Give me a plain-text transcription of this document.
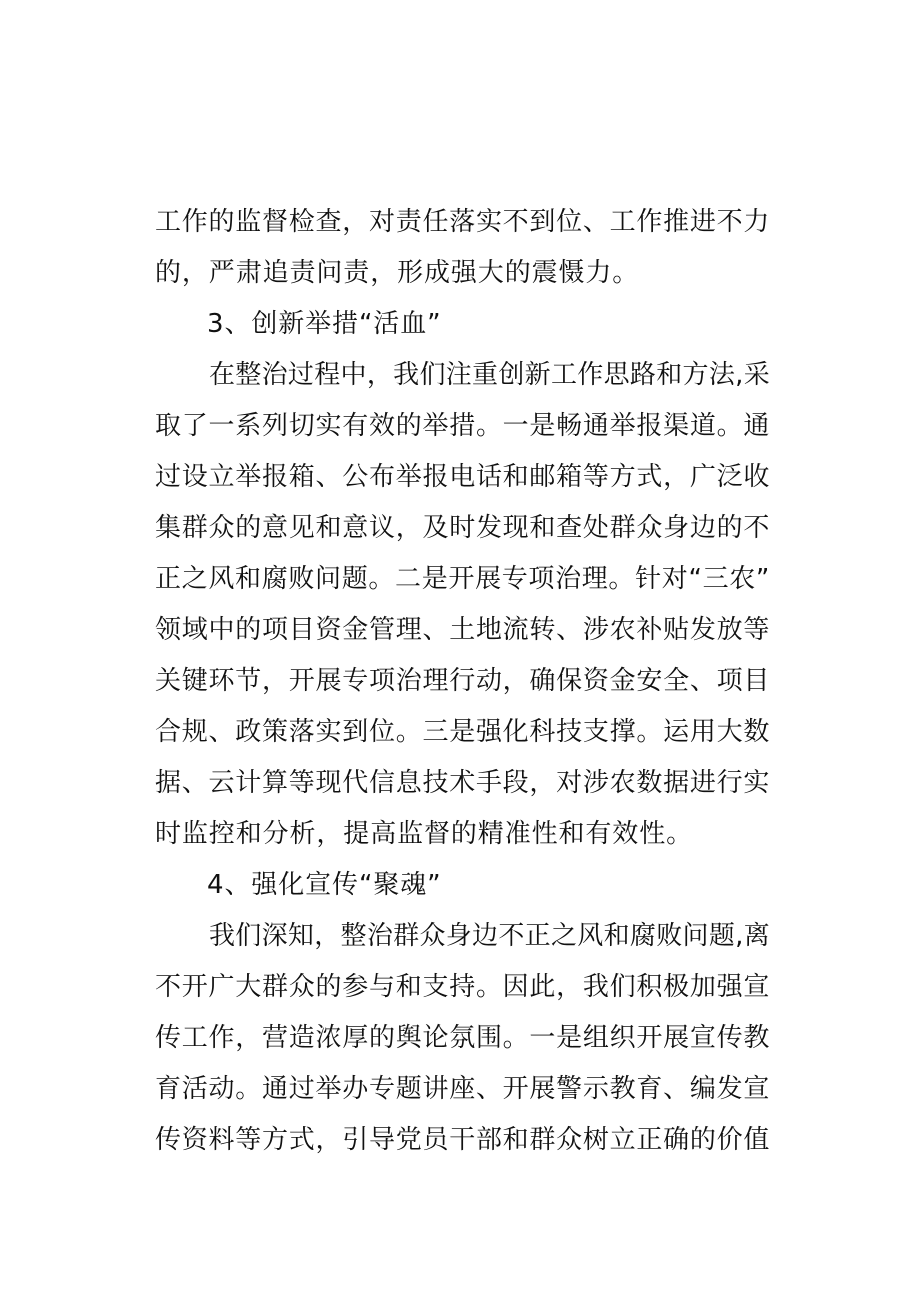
工作的监督检查，对责任落实不到位、工作推进不力
的，严肃追责问责，形成强大的震慑力。
3、创新举措“活血”
在整治过程中，我们注重创新工作思路和方法,采
取了一系列切实有效的举措。一是畅通举报渠道。通
过设立举报箱、公布举报电话和邮箱等方式，广泛收
集群众的意见和意议，及时发现和查处群众身边的不
正之风和腐败问题。二是开展专项治理。针对“三农”
领域中的项目资金管理、土地流转、涉农补贴发放等
关键环节，开展专项治理行动，确保资金安全、项目
合规、政策落实到位。三是强化科技支撑。运用大数
据、云计算等现代信息技术手段，对涉农数据进行实
时监控和分析，提高监督的精准性和有效性。
4、强化宣传“聚魂”
我们深知，整治群众身边不正之风和腐败问题,离
不开广大群众的参与和支持。因此，我们积极加强宣
传工作，营造浓厚的舆论氛围。一是组织开展宣传教
育活动。通过举办专题讲座、开展警示教育、编发宣
传资料等方式，引导党员干部和群众树立正确的价值
